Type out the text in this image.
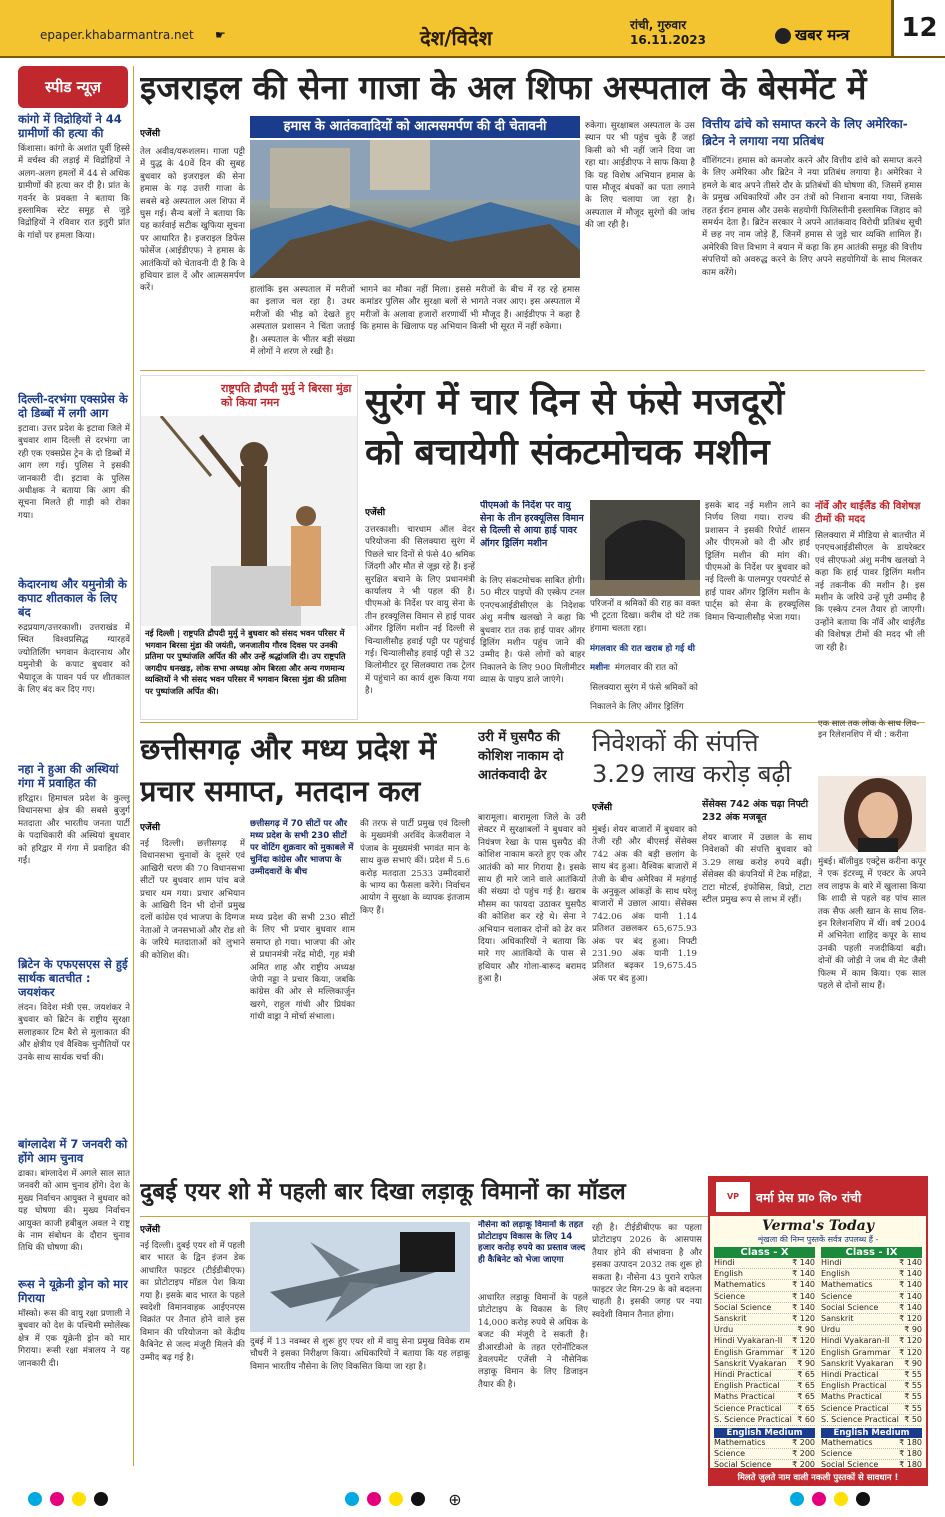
epaper.khabarmantra.net ☛	देश/विदेश
रांची, गुरुवार
16.11.2023	खबर मन्त्र	12
स्पीड न्यूज़
कांगो में विद्रोहियों ने 44 ग्रामीणों की हत्या की
किंशासा। कांगो के अशांत पूर्वी हिस्से में वर्चस्व की लड़ाई में विद्रोहियों ने अलग-अलग हमलों में 44 से अधिक ग्रामीणों की हत्या कर दी है। प्रांत के गवर्नर के प्रवक्ता ने बताया कि इस्लामिक स्टेट समूह से जुड़े विद्रोहियों ने रविवार रात इतुरी प्रांत के गांवों पर हमला किया।
दिल्ली-दरभंगा एक्सप्रेस के दो डिब्बों में लगी आग
इटावा। उत्तर प्रदेश के इटावा जिले में बुधवार शाम दिल्ली से दरभंगा जा रही एक एक्सप्रेस ट्रेन के दो डिब्बों में आग लग गई। पुलिस ने इसकी जानकारी दी। इटावा के पुलिस अधीक्षक ने बताया कि आग की सूचना मिलते ही गाड़ी को रोका गया।
केदारनाथ और यमुनोत्री के कपाट शीतकाल के लिए बंद
रुद्रप्रयाग/उत्तरकाशी। उत्तराखंड में स्थित विश्वप्रसिद्ध ग्यारहवें ज्योतिर्लिंग भगवान केदारनाथ और यमुनोत्री के कपाट बुधवार को भैयादूज के पावन पर्व पर शीतकाल के लिए बंद कर दिए गए।
नहा ने हुआ की अस्थियां गंगा में प्रवाहित की
हरिद्वार। हिमाचल प्रदेश के कुल्लू विधानसभा क्षेत्र की सबसे बुजुर्ग मतदाता और भारतीय जनता पार्टी के पदाधिकारी की अस्थियां बुधवार को हरिद्वार में गंगा में प्रवाहित की गईं।
ब्रिटेन के एफएसएस से हुई सार्थक बातचीत : जयशंकर
लंदन। विदेश मंत्री एस. जयशंकर ने बुधवार को ब्रिटेन के राष्ट्रीय सुरक्षा सलाहकार टिम बैरो से मुलाकात की और क्षेत्रीय एवं वैश्विक चुनौतियों पर उनके साथ सार्थक चर्चा की।
बांग्लादेश में 7 जनवरी को होंगे आम चुनाव
ढाका। बांग्लादेश में अगले साल सात जनवरी को आम चुनाव होंगे। देश के मुख्य निर्वाचन आयुक्त ने बुधवार को यह घोषणा की। मुख्य निर्वाचन आयुक्त काजी हबीबुल अवल ने राष्ट्र के नाम संबोधन के दौरान चुनाव तिथि की घोषणा की।
रूस ने यूक्रेनी ड्रोन को मार गिराया
मॉस्को। रूस की वायु रक्षा प्रणाली ने बुधवार को देश के पश्चिमी स्मोलेंस्क क्षेत्र में एक यूक्रेनी ड्रोन को मार गिराया। रूसी रक्षा मंत्रालय ने यह जानकारी दी।
इजराइल की सेना गाजा के अल शिफा अस्पताल के बेसमेंट में
एजेंसी
तेल अवीव/यरूशलम। गाजा पट्टी में युद्ध के 40वें दिन की सुबह बुधवार को इजराइल की सेना हमास के गढ़ उत्तरी गाजा के सबसे बड़े अस्पताल अल शिफा में घुस गई। सैन्य बलों ने बताया कि यह कार्रवाई सटीक खुफिया सूचना पर आधारित है। इजराइल डिफेंस फोर्सेज (आईडीएफ) ने हमास के आतंकियों को चेतावनी दी है कि वे हथियार डाल दें और आत्मसमर्पण करें।
हमास के आतंकवादियों को आत्मसमर्पण की दी चेतावनी
हालांकि इस अस्पताल में मरीजों का इलाज चल रहा है। उधर मरीजों की भीड़ को देखते हुए अस्पताल प्रशासन ने चिंता जताई है। अस्पताल के भीतर बड़ी संख्या में लोगों ने शरण ले रखी है।
भागने का मौका नहीं मिला। इससे मरीजों के बीच में रह रहे हमास कमांडर पुलिस और सुरक्षा बलों से भागते नजर आए। इस अस्पताल में मरीजों के अलावा हजारों शरणार्थी भी मौजूद हैं। आईडीएफ ने कहा है कि हमास के खिलाफ यह अभियान किसी भी सूरत में नहीं रुकेगा।
रुकेगा। सुरक्षाबल अस्पताल के उस स्थान पर भी पहुंच चुके हैं जहां किसी को भी नहीं जाने दिया जा रहा था। आईडीएफ ने साफ किया है कि यह विशेष अभियान हमास के पास मौजूद बंधकों का पता लगाने के लिए चलाया जा रहा है। अस्पताल में मौजूद सुरंगों की जांच की जा रही है।
वित्तीय ढांचे को समाप्त करने के लिए अमेरिका-ब्रिटेन ने लगाया नया प्रतिबंध
वॉशिंगटन। हमास को कमजोर करने और वित्तीय ढांचे को समाप्त करने के लिए अमेरिका और ब्रिटेन ने नया प्रतिबंध लगाया है। अमेरिका ने हमले के बाद अपने तीसरे दौर के प्रतिबंधों की घोषणा की, जिसमें हमास के प्रमुख अधिकारियों और उन तंत्रों को निशाना बनाया गया, जिसके तहत ईरान हमास और उसके सहयोगी फिलिस्तीनी इस्लामिक जिहाद को समर्थन देता है। ब्रिटेन सरकार ने अपने आतंकवाद विरोधी प्रतिबंध सूची में छह नए नाम जोड़े हैं, जिनमें हमास से जुड़े चार व्यक्ति शामिल हैं। अमेरिकी वित्त विभाग ने बयान में कहा कि हम आतंकी समूह की वित्तीय संपत्तियों को अवरुद्ध करने के लिए अपने सहयोगियों के साथ मिलकर काम करेंगे।
राष्ट्रपति द्रौपदी मुर्मु ने बिरसा मुंडा को किया नमन
नई दिल्ली | राष्ट्रपति द्रौपदी मुर्मु ने बुधवार को संसद भवन परिसर में भगवान बिरसा मुंडा की जयंती, जनजातीय गौरव दिवस पर उनकी प्रतिमा पर पुष्पांजलि अर्पित की और उन्हें श्रद्धांजलि दी। उप राष्ट्रपति जगदीप धनखड़, लोक सभा अध्यक्ष ओम बिरला और अन्य गणमान्य व्यक्तियों ने भी संसद भवन परिसर में भगवान बिरसा मुंडा की प्रतिमा पर पुष्पांजलि अर्पित की।
सुरंग में चार दिन से फंसे मजदूरों
को बचायेगी संकटमोचक मशीन
एजेंसी
उत्तरकाशी। चारधाम ऑल वेदर परियोजना की सिलक्यारा सुरंग में पिछले चार दिनों से फंसे 40 श्रमिक जिंदगी और मौत से जूझ रहे हैं। इन्हें सुरक्षित बचाने के लिए प्रधानमंत्री कार्यालय ने भी पहल की है। पीएमओ के निर्देश पर वायु सेना के तीन हरक्यूलिस विमान से हाई पावर ऑगर ड्रिलिंग मशीन नई दिल्ली से चिन्यालीसौड़ हवाई पट्टी पर पहुंचाई गई। चिन्यालीसौड़ हवाई पट्टी से 32 किलोमीटर दूर सिलक्यारा तक ट्रेलर में पहुंचाने का कार्य शुरू किया गया है।
पीएमओ के निर्देश पर वायु सेना के तीन हरक्यूलिस विमान से दिल्ली से आया हाई पावर ऑगर ड्रिलिंग मशीन
के लिए संकटमोचक साबित होगी। 50 मीटर पाइपों की एस्केप टनल एनएचआईडीसीएल के निदेशक अंशु मनीष खलखो ने कहा कि बुधवार रात तक हाई पावर ऑगर ड्रिलिंग मशीन पहुंच जाने की उम्मीद है। फंसे लोगों को बाहर निकालने के लिए 900 मिलीमीटर व्यास के पाइप डाले जाएंगे।
परिजनों व श्रमिकों की राह का वक्त भी टूटता दिखा। करीब दो घंटे तक हंगामा चलता रहा।
मंगलवार की रात खराब हो गई थी मशीनः मंगलवार की रात को सिलक्यारा सुरंग में फंसे श्रमिकों को निकालने के लिए ऑगर ड्रिलिंग
इसके बाद नई मशीन लाने का निर्णय लिया गया। राज्य की प्रशासन ने इसकी रिपोर्ट शासन और पीएमओ को दी और हाई ड्रिलिंग मशीन की मांग की। पीएमओ के निर्देश पर बुधवार को नई दिल्ली के पालमपुर एयरपोर्ट से हाई पावर ऑगर ड्रिलिंग मशीन के पार्ट्स को सेना के हरक्यूलिस विमान चिन्यालीसौड़ भेजा गया।
नॉर्वे और थाईलैंड की विशेषज्ञ टीमों की मदद
सिलक्यारा में मीडिया से बातचीत में एनएचआईडीसीएल के डायरेक्टर एवं सीएफओ अंशु मनीष खलखो ने कहा कि हाई पावर ड्रिलिंग मशीन नई तकनीक की मशीन है। इस मशीन के जरिये उन्हें पूरी उम्मीद है कि एस्केप टनल तैयार हो जाएगी। उन्होंने बताया कि नॉर्वे और थाईलैंड की विशेषज्ञ टीमों की मदद भी ली जा रही है।
छत्तीसगढ़ और मध्य प्रदेश में प्रचार समाप्त, मतदान कल
एजेंसी
नई दिल्ली। छत्तीसगढ़ में विधानसभा चुनावों के दूसरे एवं आखिरी चरण की 70 विधानसभा सीटों पर बुधवार शाम पांच बजे प्रचार थम गया। प्रचार अभियान के आखिरी दिन भी दोनों प्रमुख दलों कांग्रेस एवं भाजपा के दिग्गज नेताओं ने जनसभाओं और रोड शो के जरिये मतदाताओं को लुभाने की कोशिश की।
छत्तीसगढ़ में 70 सीटों पर और मध्य प्रदेश के सभी 230 सीटों पर वोटिंग शुक्रवार को मुकाबले में चुनिंदा कांग्रेस और भाजपा के उम्मीदवारों के बीच
मध्य प्रदेश की सभी 230 सीटों के लिए भी प्रचार बुधवार शाम समाप्त हो गया। भाजपा की ओर से प्रधानमंत्री नरेंद्र मोदी, गृह मंत्री अमित शाह और राष्ट्रीय अध्यक्ष जेपी नड्डा ने प्रचार किया, जबकि कांग्रेस की ओर से मल्लिकार्जुन खरगे, राहुल गांधी और प्रियंका गांधी वाड्रा ने मोर्चा संभाला।
की तरफ से पार्टी प्रमुख एवं दिल्ली के मुख्यमंत्री अरविंद केजरीवाल ने पंजाब के मुख्यमंत्री भगवंत मान के साथ कुछ सभाएं कीं। प्रदेश में 5.6 करोड़ मतदाता 2533 उम्मीदवारों के भाग्य का फैसला करेंगे। निर्वाचन आयोग ने सुरक्षा के व्यापक इंतजाम किए हैं।
उरी में घुसपैठ की कोशिश नाकाम दो आतंकवादी ढेर
बारामूला। बारामूला जिले के उरी सेक्टर में सुरक्षाबलों ने बुधवार को नियंत्रण रेखा के पास घुसपैठ की कोशिश नाकाम करते हुए एक और आतंकी को मार गिराया है। इसके साथ ही मारे जाने वाले आतंकियों की संख्या दो पहुंच गई है। खराब मौसम का फायदा उठाकर घुसपैठ की कोशिश कर रहे थे। सेना ने अभियान चलाकर दोनों को ढेर कर दिया। अधिकारियों ने बताया कि मारे गए आतंकियों के पास से हथियार और गोला-बारूद बरामद हुआ है।
निवेशकों की संपत्ति
3.29 लाख करोड़ बढ़ी
एजेंसी	सेंसेक्स 742 अंक चढ़ा निफ्टी 232 अंक मजबूत
मुंबई। शेयर बाजारों में बुधवार को तेजी रही और बीएसई सेंसेक्स 742 अंक की बड़ी छलांग के साथ बंद हुआ। वैश्विक बाजारों में तेजी के बीच अमेरिका में महंगाई के अनुकूल आंकड़ों के साथ घरेलू बाजारों में उछाल आया। सेंसेक्स 742.06 अंक यानी 1.14 प्रतिशत उछलकर 65,675.93 अंक पर बंद हुआ। निफ्टी 231.90 अंक यानी 1.19 प्रतिशत बढ़कर 19,675.45 अंक पर बंद हुआ।
शेयर बाजार में उछाल के साथ निवेशकों की संपत्ति बुधवार को 3.29 लाख करोड़ रुपये बढ़ी। सेंसेक्स की कंपनियों में टेक महिंद्रा, टाटा मोटर्स, इंफोसिस, विप्रो, टाटा स्टील प्रमुख रूप से लाभ में रहीं।
एक साल तक लोक के साथ लिव-इन रिलेशनशिप में थी : करीना
मुंबई। बॉलीवुड एक्ट्रेस करीना कपूर ने एक इंटरव्यू में एक्टर के अपने लव लाइफ के बारे में खुलासा किया कि शादी से पहले वह पांच साल तक सैफ अली खान के साथ लिव-इन रिलेशनशिप में थीं। वर्ष 2004 में अभिनेता शाहिद कपूर के साथ उनकी पहली नजदीकियां बढ़ी। दोनों की जोड़ी ने जब वी मेट जैसी फिल्म में काम किया। एक साल पहले से दोनों साथ हैं।
दुबई एयर शो में पहली बार दिखा लड़ाकू विमानों का मॉडल
एजेंसी
नई दिल्ली। दुबई एयर शो में पहली बार भारत के द्विन इंजन डेक आधारित फाइटर (टीईडीबीएफ) का प्रोटोटाइप मॉडल पेश किया गया है। इसके बाद भारत के पहले स्वदेशी विमानवाहक आईएनएस विक्रांत पर तैनात होने वाले इस विमान की परियोजना को केंद्रीय कैबिनेट से जल्द मंजूरी मिलने की उम्मीद बढ़ गई है।
दुबई में 13 नवम्बर से शुरू हुए एयर शो में वायु सेना प्रमुख विवेक राम चौधरी ने इसका निरीक्षण किया। अधिकारियों ने बताया कि यह लड़ाकू विमान भारतीय नौसेना के लिए विकसित किया जा रहा है।
नौसेना को लड़ाकू विमानों के तहत प्रोटोटाइप विकास के लिए 14 हजार करोड़ रुपये का प्रस्ताव जल्द ही कैबिनेट को भेजा जाएगा
आधारित लड़ाकू विमानों के पहले प्रोटोटाइप के विकास के लिए 14,000 करोड़ रुपये से अधिक के बजट की मंजूरी दे सकती है। डीआरडीओ के तहत एरोनॉटिकल डेवलपमेंट एजेंसी ने नौसेनिक लड़ाकू विमान के लिए डिजाइन तैयार की है।
रही है। टीईडीबीएफ का पहला प्रोटोटाइप 2026 के आसपास तैयार होने की संभावना है और इसका उत्पादन 2032 तक शुरू हो सकता है। नौसेना 43 पुराने राफेल फाइटर जेट मिग-29 के को बदलना चाहती है। इसकी जगह पर नया स्वदेशी विमान तैनात होगा।
VP	वर्मा प्रेस प्रा० लि० रांची
Verma's Today
शृंखला की निम्न पुस्तकें सर्वत्र उपलब्ध हैं -
Class - X
Hindi	₹ 140
English	₹ 140
Mathematics	₹ 140
Science	₹ 140
Social Science	₹ 140
Sanskrit	₹ 120
Urdu	₹ 90
Hindi Vyakaran-II ₹ 120
English Grammar ₹ 120
Sanskrit Vyakaran ₹ 90
Hindi Practical	₹ 65
English Practical ₹ 65
Maths Practical	₹ 65
Science Practical ₹ 65
S. Science Practical ₹ 60
English Medium
Mathematics	₹ 200
Science	₹ 200
Social Science	₹ 200
Class - IX
Hindi	₹ 140
English	₹ 140
Mathematics	₹ 140
Science	₹ 140
Social Science	₹ 140
Sanskrit	₹ 120
Urdu	₹ 90
Hindi Vyakaran-II ₹ 120
English Grammar ₹ 120
Sanskrit Vyakaran ₹ 90
Hindi Practical	₹ 55
English Practical ₹ 55
Maths Practical	₹ 55
Science Practical ₹ 55
S. Science Practical ₹ 50
English Medium
Mathematics	₹ 180
Science	₹ 180
Social Science	₹ 180
मिलते जुलते नाम वाली नकली पुस्तकों से सावधान !
⊕
